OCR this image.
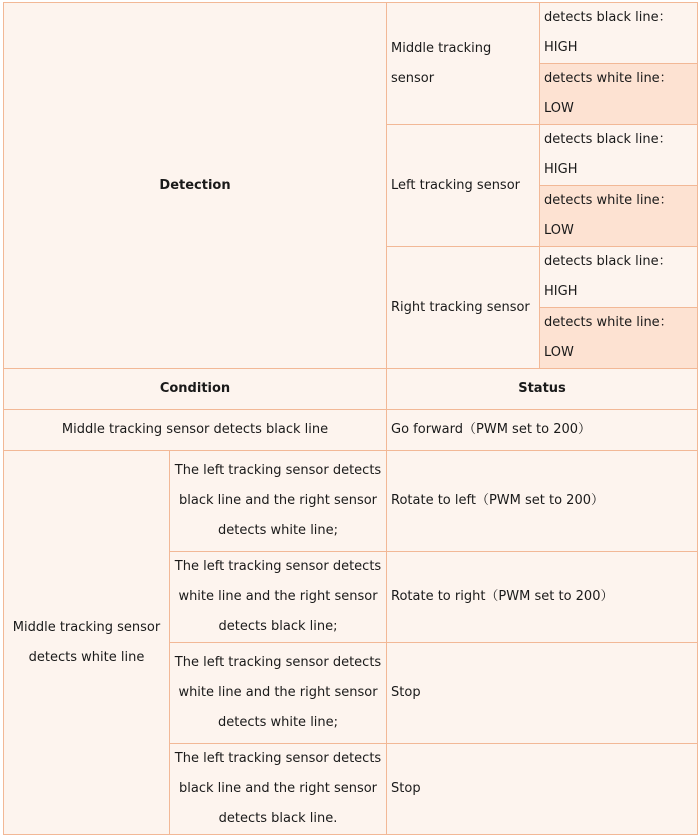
Detection		Middle tracking sensor	detects black line：HIGH
			detects white line： LOW
		Left tracking sensor	detects black line：HIGH
			detects white line： LOW
		Right tracking sensor	detects black line：HIGH
			detects white line： LOW
Condition		Status	
Middle tracking sensor detects black line		Go forward（PWM set to 200）	
Middle tracking sensor detects white line	The left tracking sensor detects black line and the right sensor detects white line;	Rotate to left（PWM set to 200）	
	The left tracking sensor detects white line and the right sensor detects black line;	Rotate to right（PWM set to 200）	
	The left tracking sensor detects white line and the right sensor detects white line;	Stop	
	The left tracking sensor detects black line and the right sensor detects black line.	Stop	
